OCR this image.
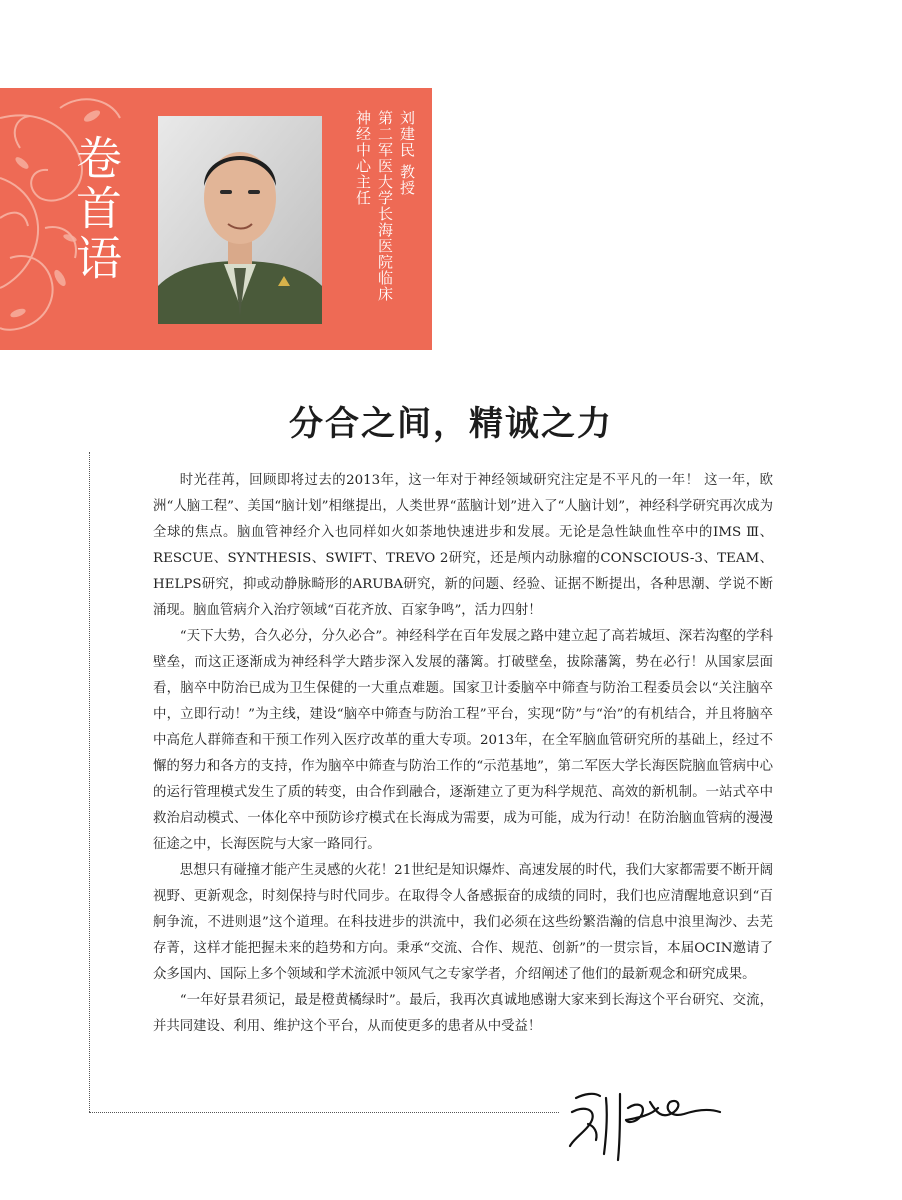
卷首语	刘建民 教授
第二军医大学长海医院临床
神经中心主任
分合之间，精诚之力

时光荏苒，回顾即将过去的2013年，这一年对于神经领域研究注定是不平凡的一年！ 这一年，欧洲“人脑工程”、美国“脑计划”相继提出，人类世界“蓝脑计划”进入了“人脑计划”，神经科学研究再次成为全球的焦点。脑血管神经介入也同样如火如荼地快速进步和发展。无论是急性缺血性卒中的IMS Ⅲ、RESCUE、SYNTHESIS、SWIFT、TREVO 2研究，还是颅内动脉瘤的CONSCIOUS-3、TEAM、HELPS研究，抑或动静脉畸形的ARUBA研究，新的问题、经验、证据不断提出，各种思潮、学说不断涌现。脑血管病介入治疗领域“百花齐放、百家争鸣”，活力四射！

“天下大势，合久必分，分久必合”。神经科学在百年发展之路中建立起了高若城垣、深若沟壑的学科壁垒，而这正逐渐成为神经科学大踏步深入发展的藩篱。打破壁垒，拔除藩篱，势在必行！从国家层面看，脑卒中防治已成为卫生保健的一大重点难题。国家卫计委脑卒中筛查与防治工程委员会以“关注脑卒中，立即行动！”为主线，建设“脑卒中筛查与防治工程”平台，实现“防”与“治”的有机结合，并且将脑卒中高危人群筛查和干预工作列入医疗改革的重大专项。2013年，在全军脑血管研究所的基础上，经过不懈的努力和各方的支持，作为脑卒中筛查与防治工作的“示范基地”，第二军医大学长海医院脑血管病中心的运行管理模式发生了质的转变，由合作到融合，逐渐建立了更为科学规范、高效的新机制。一站式卒中救治启动模式、一体化卒中预防诊疗模式在长海成为需要，成为可能，成为行动！在防治脑血管病的漫漫征途之中，长海医院与大家一路同行。

思想只有碰撞才能产生灵感的火花！21世纪是知识爆炸、高速发展的时代，我们大家都需要不断开阔视野、更新观念，时刻保持与时代同步。在取得令人备感振奋的成绩的同时，我们也应清醒地意识到“百舸争流，不进则退”这个道理。在科技进步的洪流中，我们必须在这些纷繁浩瀚的信息中浪里淘沙、去芜存菁，这样才能把握未来的趋势和方向。秉承“交流、合作、规范、创新”的一贯宗旨，本届OCIN邀请了众多国内、国际上多个领域和学术流派中领风气之专家学者，介绍阐述了他们的最新观念和研究成果。

“一年好景君须记，最是橙黄橘绿时”。最后，我再次真诚地感谢大家来到长海这个平台研究、交流，并共同建设、利用、维护这个平台，从而使更多的患者从中受益！
